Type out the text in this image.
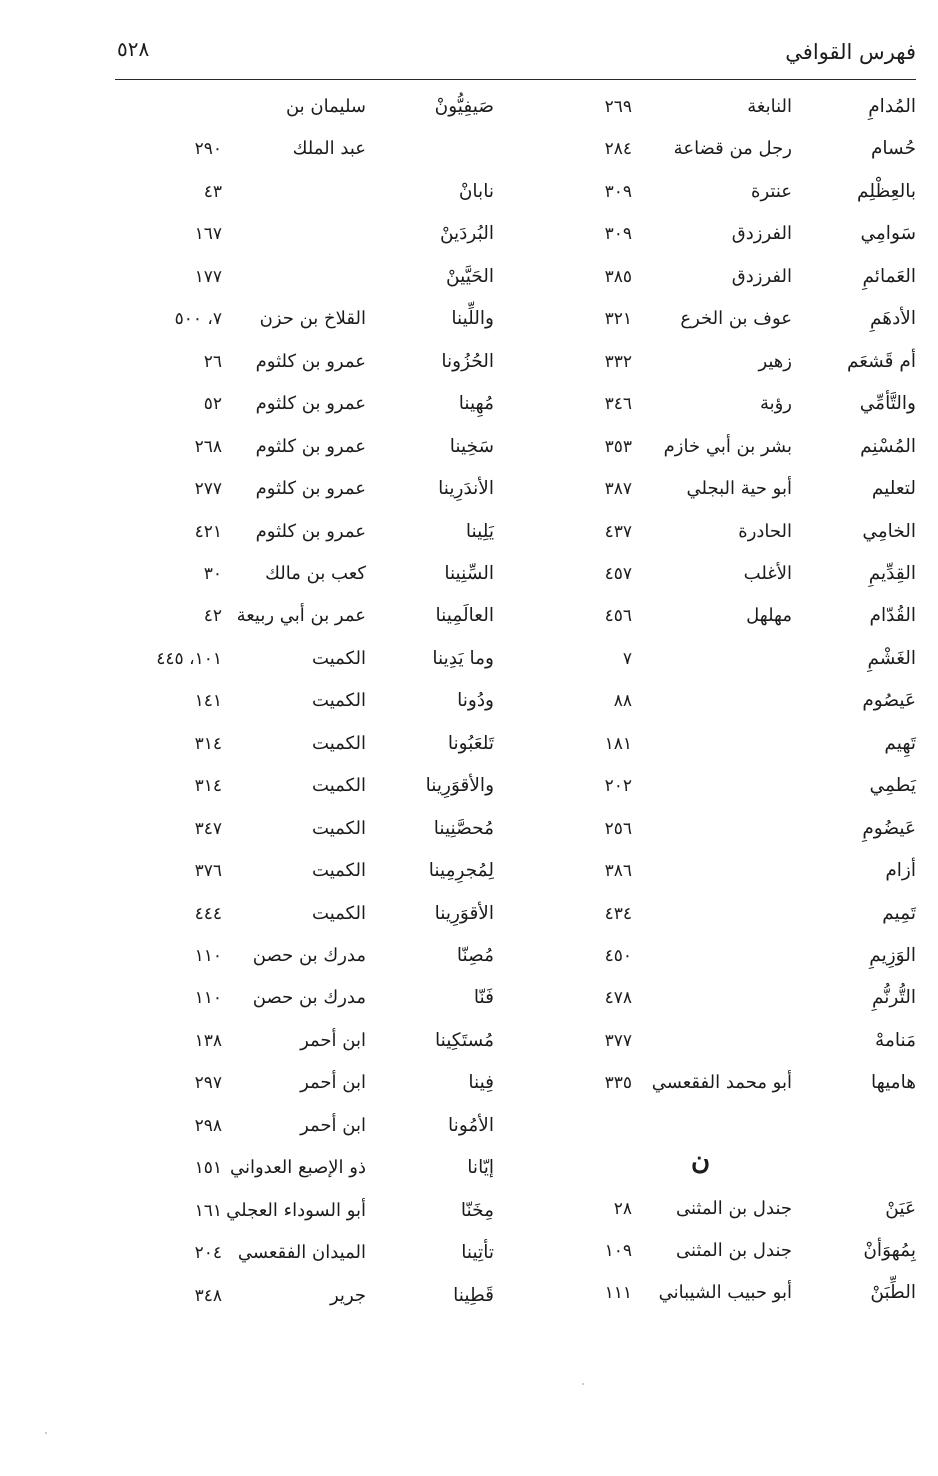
فهرس القوافي
٥٢٨
المُدامِ
النابغة
٢٦٩
حُسام
رجل من قضاعة
٢٨٤
بالعِظْلِم
عنترة
٣٠٩
سَوامِي
الفرزدق
٣٠٩
العَمائمِ
الفرزدق
٣٨٥
الأدهَمِ
عوف بن الخرع
٣٢١
أم قَشعَم
زهير
٣٣٢
والتَّأمِّي
رؤبة
٣٤٦
المُسْنِم
بشر بن أبي خازم
٣٥٣
لتعليم
أبو حية البجلي
٣٨٧
الخامِي
الحادرة
٤٣٧
القِدِّيمِ
الأغلب
٤٥٧
القُدّام
مهلهل
٤٥٦
الغَشْمِ
٧
عَيصُوم
٨٨
تَهِيم
١٨١
يَطمِي
٢٠٢
عَيضُومِ
٢٥٦
أزام
٣٨٦
تَمِيم
٤٣٤
الوَزِيمِ
٤٥٠
التُّرنُّمِ
٤٧٨
مَنامهْ
٣٧٧
هاميها
أبو محمد الفقعسي
٣٣٥
عَيَنْ
جندل بن المثنى
٢٨
بِمُهوَأنْ
جندل بن المثنى
١٠٩
الطِّبَنْ
أبو حبيب الشيباني
١١١
ن
صَيفِيُّونْ
سليمان بن
عبد الملك
٢٩٠
نابانْ
٤٣
البُردَينْ
١٦٧
الحَيَّينْ
١٧٧
واللِّينا
القلاخ بن حزن
٧، ٥٠٠
الحُزُونا
عمرو بن كلثوم
٢٦
مُهِينا
عمرو بن كلثوم
٥٢
سَخِينا
عمرو بن كلثوم
٢٦٨
الأندَرِينا
عمرو بن كلثوم
٢٧٧
يَلِينا
عمرو بن كلثوم
٤٢١
السِّنِينا
كعب بن مالك
٣٠
العالَمِينا
عمر بن أبي ربيعة
٤٢
وما يَدِينا
الكميت
١٠١، ٤٤٥
ودُونا
الكميت
١٤١
تَلعَبُونا
الكميت
٣١٤
والأقوَرِينا
الكميت
٣١٤
مُحصَّنِينا
الكميت
٣٤٧
لِمُجرِمِينا
الكميت
٣٧٦
الأقوَرِينا
الكميت
٤٤٤
مُصِنّا
مدرك بن حصن
١١٠
فَنّا
مدرك بن حصن
١١٠
مُستَكِينا
ابن أحمر
١٣٨
فِينا
ابن أحمر
٢٩٧
الأمُونا
ابن أحمر
٢٩٨
إيّانا
ذو الإصبع العدواني
١٥١
مِخَنّا
أبو السوداء العجلي
١٦١
تأتِينا
الميدان الفقعسي
٢٠٤
قَطِينا
جرير
٣٤٨
